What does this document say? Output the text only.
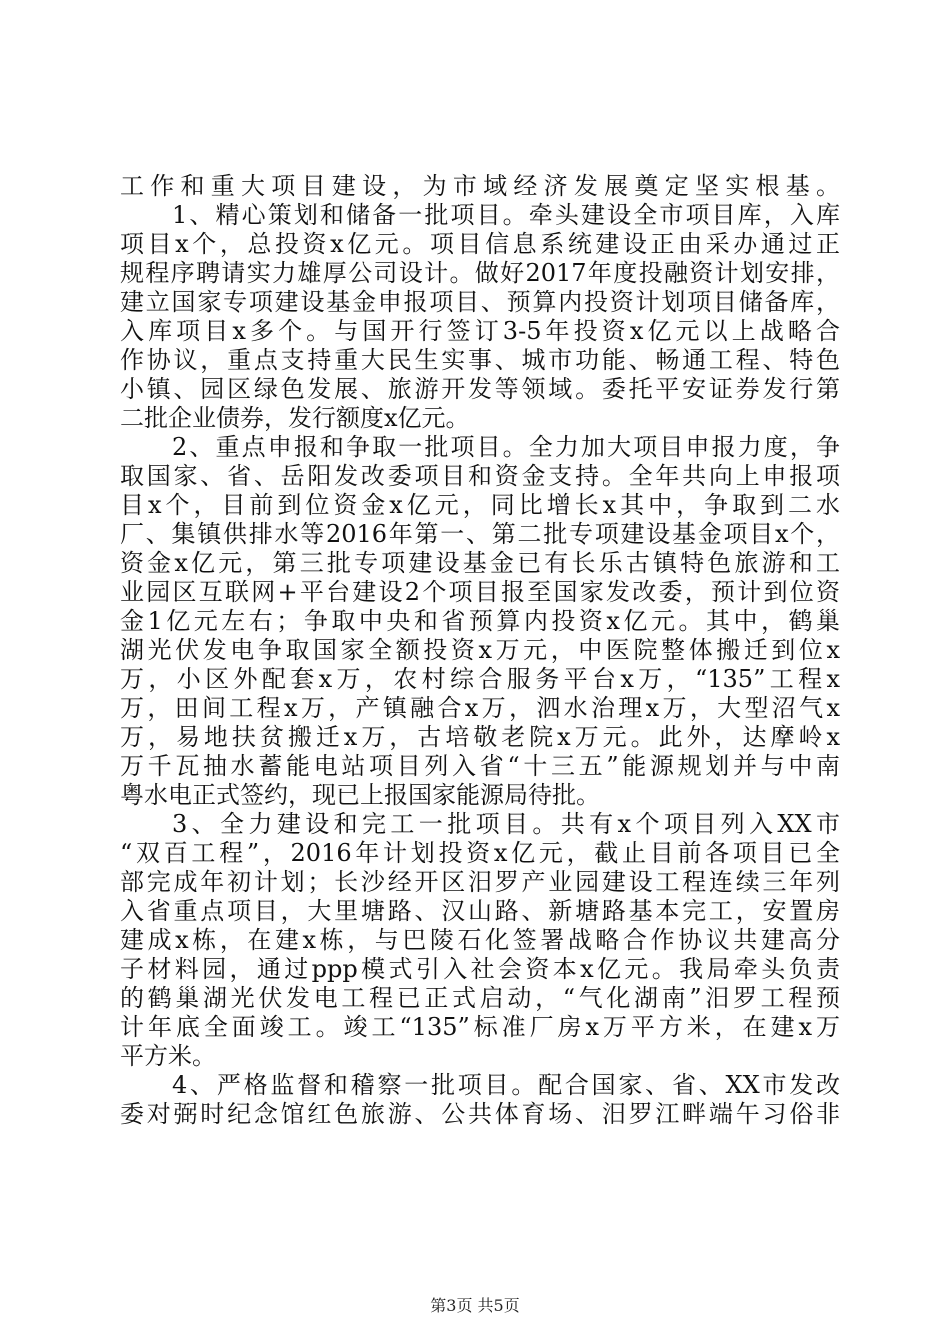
工作和重大项目建设，为市域经济发展奠定坚实根基。
1、精心策划和储备一批项目。牵头建设全市项目库，入库
项目x个，总投资x亿元。项目信息系统建设正由采办通过正
规程序聘请实力雄厚公司设计。做好2017年度投融资计划安排，
建立国家专项建设基金申报项目、预算内投资计划项目储备库，
入库项目x多个。与国开行签订3-5年投资x亿元以上战略合
作协议，重点支持重大民生实事、城市功能、畅通工程、特色
小镇、园区绿色发展、旅游开发等领域。委托平安证券发行第
二批企业债券，发行额度x亿元。
2、重点申报和争取一批项目。全力加大项目申报力度，争
取国家、省、岳阳发改委项目和资金支持。全年共向上申报项
目x个，目前到位资金x亿元，同比增长x其中，争取到二水
厂、集镇供排水等2016年第一、第二批专项建设基金项目x个，
资金x亿元，第三批专项建设基金已有长乐古镇特色旅游和工
业园区互联网+平台建设2个项目报至国家发改委，预计到位资
金1亿元左右；争取中央和省预算内投资x亿元。其中，鹤巢
湖光伏发电争取国家全额投资x万元，中医院整体搬迁到位x
万，小区外配套x万，农村综合服务平台x万，“135”工程x
万，田间工程x万，产镇融合x万，泗水治理x万，大型沼气x
万，易地扶贫搬迁x万，古培敬老院x万元。此外，达摩岭x
万千瓦抽水蓄能电站项目列入省“十三五”能源规划并与中南
粤水电正式签约，现已上报国家能源局待批。
3、全力建设和完工一批项目。共有x个项目列入XX市
“双百工程”，2016年计划投资x亿元，截止目前各项目已全
部完成年初计划；长沙经开区汨罗产业园建设工程连续三年列
入省重点项目，大里塘路、汉山路、新塘路基本完工，安置房
建成x栋，在建x栋，与巴陵石化签署战略合作协议共建高分
子材料园，通过ppp模式引入社会资本x亿元。我局牵头负责
的鹤巢湖光伏发电工程已正式启动，“气化湖南”汨罗工程预
计年底全面竣工。竣工“135”标准厂房x万平方米，在建x万
平方米。
4、严格监督和稽察一批项目。配合国家、省、XX市发改
委对弼时纪念馆红色旅游、公共体育场、汨罗江畔端午习俗非
第3页 共5页
